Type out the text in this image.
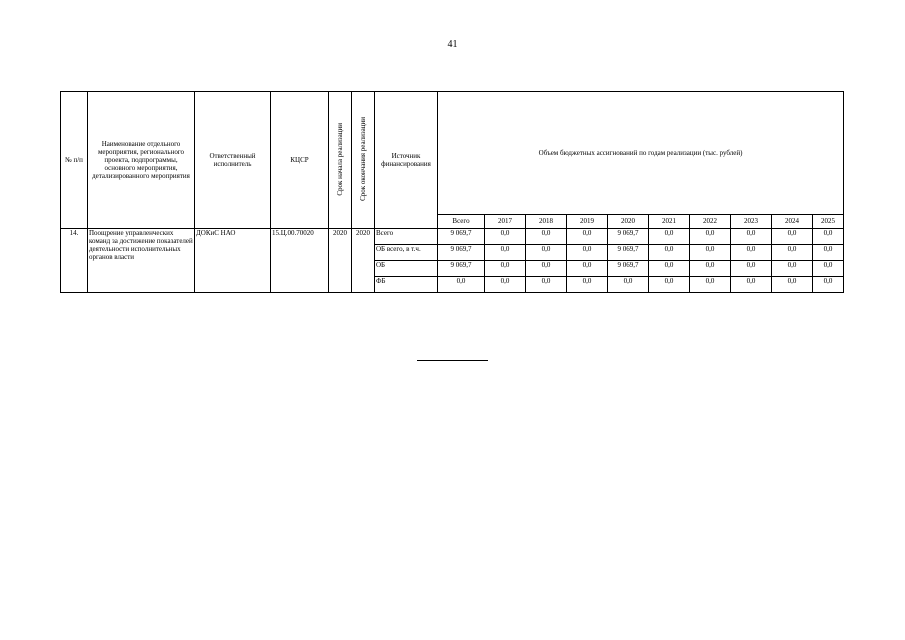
41
№ п/п	Наименование отдельного мероприятия, регионального проекта, подпрограммы, основного мероприятия, детализированного мероприятия	Ответственный исполнитель	КЦСР	Срок начала реализации	Срок окончания реализации	Источник финансирования	Объем бюджетных ассигнований по годам реализации (тыс. рублей)									
							Всего	2017	2018	2019	2020	2021	2022	2023	2024	2025
14.	Поощрение управленческих команд за достижение показателей деятельности исполнительных органов власти	ДОКиС НАО	15.Ц.00.70020	2020	2020	Всего	9 069,7	0,0	0,0	0,0	9 069,7	0,0	0,0	0,0	0,0	0,0
						ОБ всего, в т.ч.	9 069,7	0,0	0,0	0,0	9 069,7	0,0	0,0	0,0	0,0	0,0
						ОБ	9 069,7	0,0	0,0	0,0	9 069,7	0,0	0,0	0,0	0,0	0,0
						ФБ	0,0	0,0	0,0	0,0	0,0	0,0	0,0	0,0	0,0	0,0
